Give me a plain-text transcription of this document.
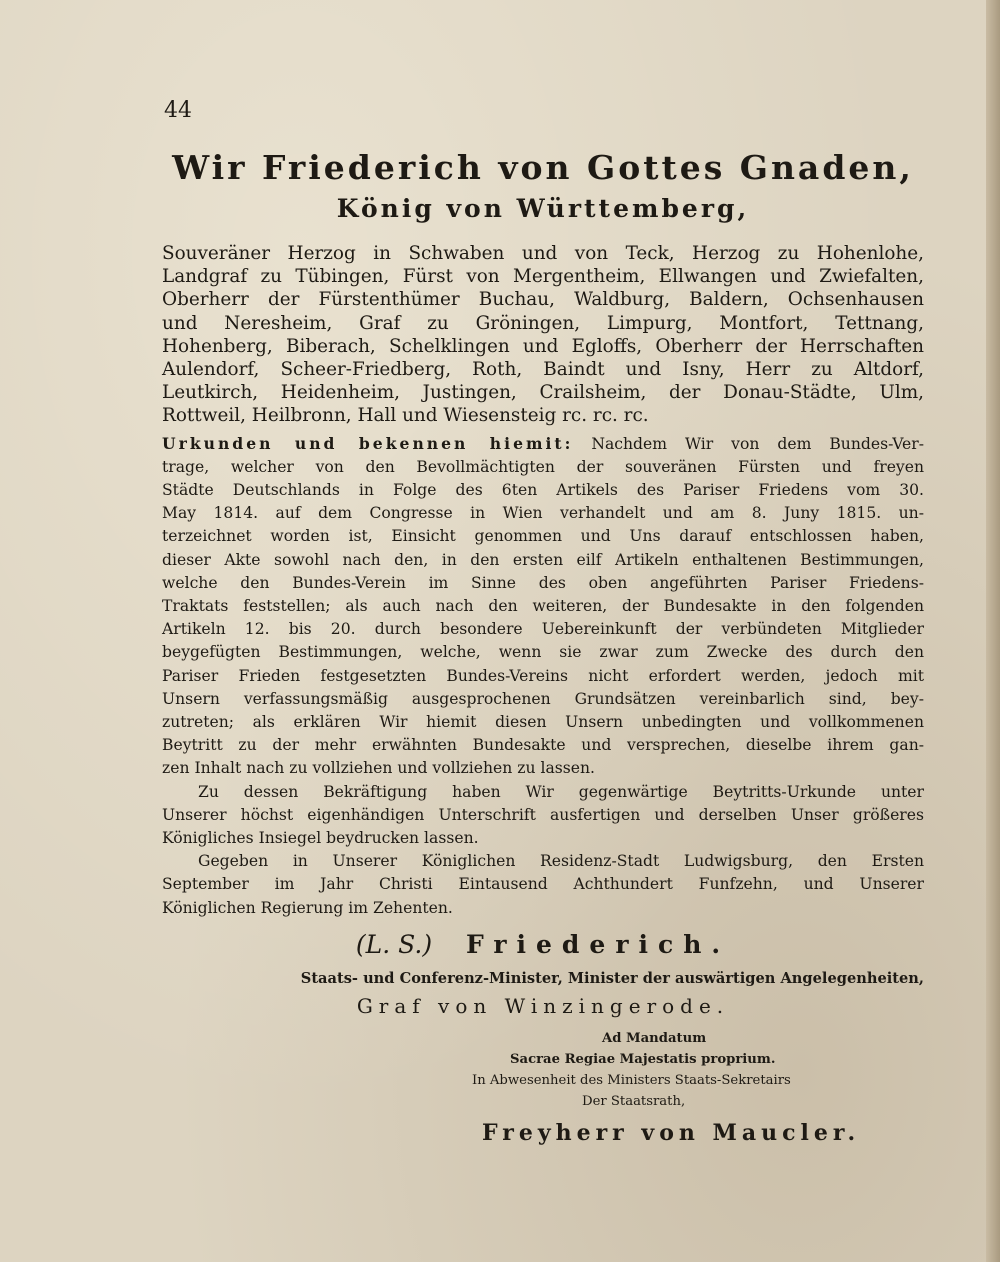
44
Wir Friederich von Gottes Gnaden,
König von Württemberg,
Souveräner Herzog in Schwaben und von Teck, Herzog zu Hohenlohe,
Landgraf zu Tübingen, Fürst von Mergentheim, Ellwangen und Zwiefalten,
Oberherr der Fürstenthümer Buchau, Waldburg, Baldern, Ochsenhausen
und Neresheim, Graf zu Gröningen, Limpurg, Montfort, Tettnang,
Hohenberg, Biberach, Schelklingen und Egloffs, Oberherr der Herrschaften
Aulendorf, Scheer-Friedberg, Roth, Baindt und Isny, Herr zu Altdorf,
Leutkirch, Heidenheim, Justingen, Crailsheim, der Donau-Städte, Ulm,
Rottweil, Heilbronn, Hall und Wiesensteig rc. rc. rc.
Urkunden und bekennen hiemit: Nachdem Wir von dem Bundes-Ver-
trage, welcher von den Bevollmächtigten der souveränen Fürsten und freyen
Städte Deutschlands in Folge des 6ten Artikels des Pariser Friedens vom 30.
May 1814. auf dem Congresse in Wien verhandelt und am 8. Juny 1815. un-
terzeichnet worden ist, Einsicht genommen und Uns darauf entschlossen haben,
dieser Akte sowohl nach den, in den ersten eilf Artikeln enthaltenen Bestimmungen,
welche den Bundes-Verein im Sinne des oben angeführten Pariser Friedens-
Traktats feststellen; als auch nach den weiteren, der Bundesakte in den folgenden
Artikeln 12. bis 20. durch besondere Uebereinkunft der verbündeten Mitglieder
beygefügten Bestimmungen, welche, wenn sie zwar zum Zwecke des durch den
Pariser Frieden festgesetzten Bundes-Vereins nicht erfordert werden, jedoch mit
Unsern verfassungsmäßig ausgesprochenen Grundsätzen vereinbarlich sind, bey-
zutreten; als erklären Wir hiemit diesen Unsern unbedingten und vollkommenen
Beytritt zu der mehr erwähnten Bundesakte und versprechen, dieselbe ihrem gan-
zen Inhalt nach zu vollziehen und vollziehen zu lassen.
Zu dessen Bekräftigung haben Wir gegenwärtige Beytritts-Urkunde unter
Unserer höchst eigenhändigen Unterschrift ausfertigen und derselben Unser größeres
Königliches Insiegel beydrucken lassen.
Gegeben in Unserer Königlichen Residenz-Stadt Ludwigsburg, den Ersten
September im Jahr Christi Eintausend Achthundert Funfzehn, und Unserer
Königlichen Regierung im Zehenten.
(L. S.) Friederich.
Staats- und Conferenz-Minister, Minister der auswärtigen Angelegenheiten,
Graf von Winzingerode.
Ad Mandatum
Sacrae Regiae Majestatis proprium.
In Abwesenheit des Ministers Staats-Sekretairs
Der Staatsrath,
Freyherr von Maucler.
